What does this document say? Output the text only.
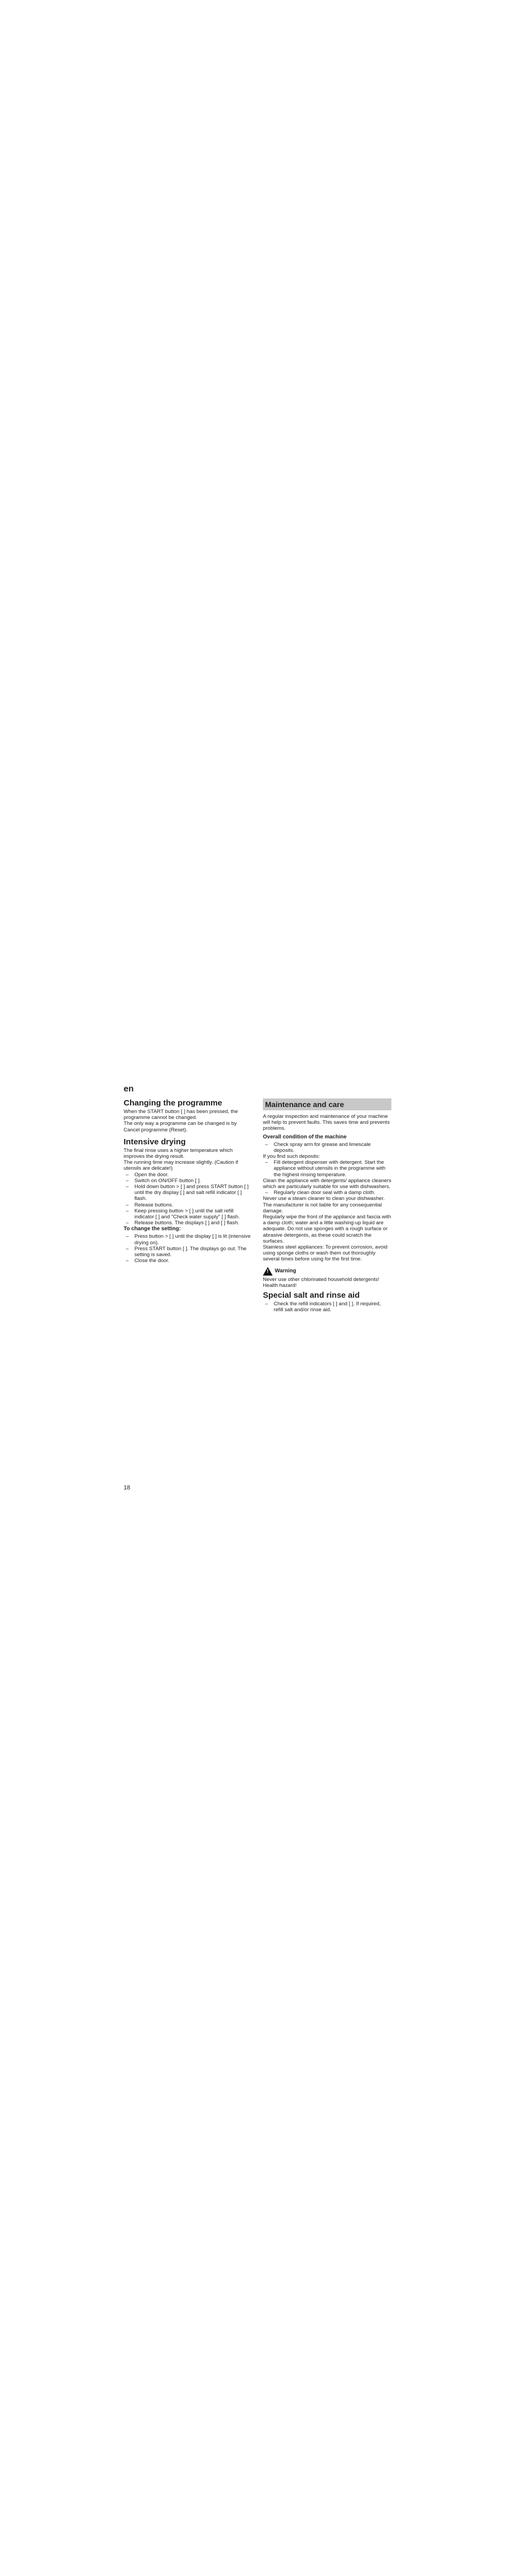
en
Changing the programme

When the START button [ ] has been pressed, the programme cannot be changed.

The only way a programme can be changed is by Cancel programme (Reset).

Intensive drying

The final rinse uses a higher temperature which improves the drying result.

The running time may increase slightly. (Caution if utensils are delicate!)

– Open the door.
– Switch on ON/OFF button [ ].
– Hold down button > [ ] and press START button [ ] until the dry display [ ] and salt refill indicator [ ] flash.
– Release buttons.
– Keep pressing button > [ ] until the salt refill indicator [ ] and "Check water supply" [ ] flash.
– Release buttons. The displays [ ] and [ ] flash.
To change the setting:
– Press button > [ ] until the display [ ] is lit (intensive drying on).
– Press START button [ ]. The displays go out. The setting is saved.
– Close the door.
Maintenance and care

A regular inspection and maintenance of your machine will help to prevent faults. This saves time and prevents problems.

Overall condition of the machine
– Check spray arm for grease and limescale deposits.

If you find such deposits:

– Fill detergent dispenser with detergent. Start the appliance without utensils in the programme with the highest rinsing temperature.

Clean the appliance with detergents/ appliance cleaners which are particularly suitable for use with dishwashers.

– Regularly clean door seal with a damp cloth.

Never use a steam cleaner to clean your dishwasher. The manufacturer is not liable for any consequential damage.

Regularly wipe the front of the appliance and fascia with a damp cloth; water and a little washing-up liquid are adequate. Do not use sponges with a rough surface or abrasive detergents, as these could scratch the surfaces.

Stainless steel appliances: To prevent corrosion, avoid using sponge cloths or wash them out thoroughly several times before using for the first time.

! Warning

Never use other chlorinated household detergents! Health hazard!

Special salt and rinse aid
– Check the refill indicators [ ] and [ ]. If required, refill salt and/or rinse aid.
18
